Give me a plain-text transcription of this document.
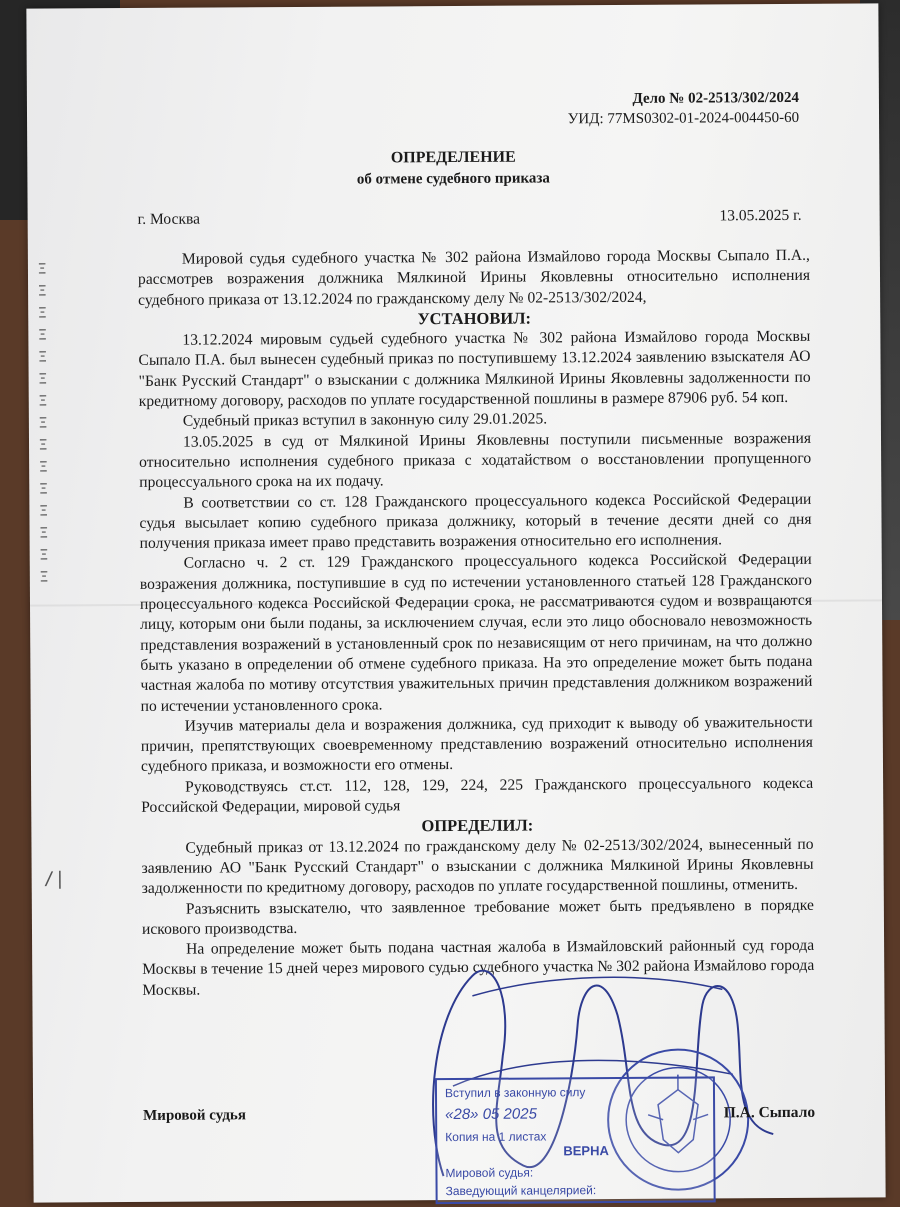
Ξ
Ξ
Ξ
Ξ
Ξ
Ξ
Ξ
Ξ
Ξ
Ξ
Ξ
Ξ
Ξ
Ξ
Ξ
/|
Дело № 02-2513/302/2024
УИД: 77MS0302-01-2024-004450-60
ОПРЕДЕЛЕНИЕ
об отмене судебного приказа
г. Москва	13.05.2025 г.

Мировой судья судебного участка № 302 района Измайлово города Москвы Сыпало П.А., рассмотрев возражения должника Мялкиной Ирины Яковлевны относительно исполнения судебного приказа от 13.12.2024 по гражданскому делу № 02-2513/302/2024,

УСТАНОВИЛ:

13.12.2024 мировым судьей судебного участка № 302 района Измайлово города Москвы Сыпало П.А. был вынесен судебный приказ по поступившему 13.12.2024 заявлению взыскателя АО "Банк Русский Стандарт" о взыскании с должника Мялкиной Ирины Яковлевны задолженности по кредитному договору, расходов по уплате государственной пошлины в размере 87906 руб. 54 коп.

Судебный приказ вступил в законную силу 29.01.2025.

13.05.2025 в суд от Мялкиной Ирины Яковлевны поступили письменные возражения относительно исполнения судебного приказа с ходатайством о восстановлении пропущенного процессуального срока на их подачу.

В соответствии со ст. 128 Гражданского процессуального кодекса Российской Федерации судья высылает копию судебного приказа должнику, который в течение десяти дней со дня получения приказа имеет право представить возражения относительно его исполнения.

Согласно ч. 2 ст. 129 Гражданского процессуального кодекса Российской Федерации возражения должника, поступившие в суд по истечении установленного статьей 128 Гражданского процессуального кодекса Российской Федерации срока, не рассматриваются судом и возвращаются лицу, которым они были поданы, за исключением случая, если это лицо обосновало невозможность представления возражений в установленный срок по независящим от него причинам, на что должно быть указано в определении об отмене судебного приказа. На это определение может быть подана частная жалоба по мотиву отсутствия уважительных причин представления должником возражений по истечении установленного срока.

Изучив материалы дела и возражения должника, суд приходит к выводу об уважительности причин, препятствующих своевременному представлению возражений относительно исполнения судебного приказа, и возможности его отмены.

Руководствуясь ст.ст. 112, 128, 129, 224, 225 Гражданского процессуального кодекса Российской Федерации, мировой судья

ОПРЕДЕЛИЛ:

Судебный приказ от 13.12.2024 по гражданскому делу № 02-2513/302/2024, вынесенный по заявлению АО "Банк Русский Стандарт" о взыскании с должника Мялкиной Ирины Яковлевны задолженности по кредитному договору, расходов по уплате государственной пошлины, отменить.

Разъяснить взыскателю, что заявленное требование может быть предъявлено в порядке искового производства.

На определение может быть подана частная жалоба в Измайловский районный суд города Москвы в течение 15 дней через мирового судью судебного участка № 302 района Измайлово города Москвы.

Вступил в законную силу
«28» 05 2025
Копия на 1 листах
ВЕРНА
Мировой судья:
Заведующий канцелярией:
Мировой судья	П.А. Сыпало
